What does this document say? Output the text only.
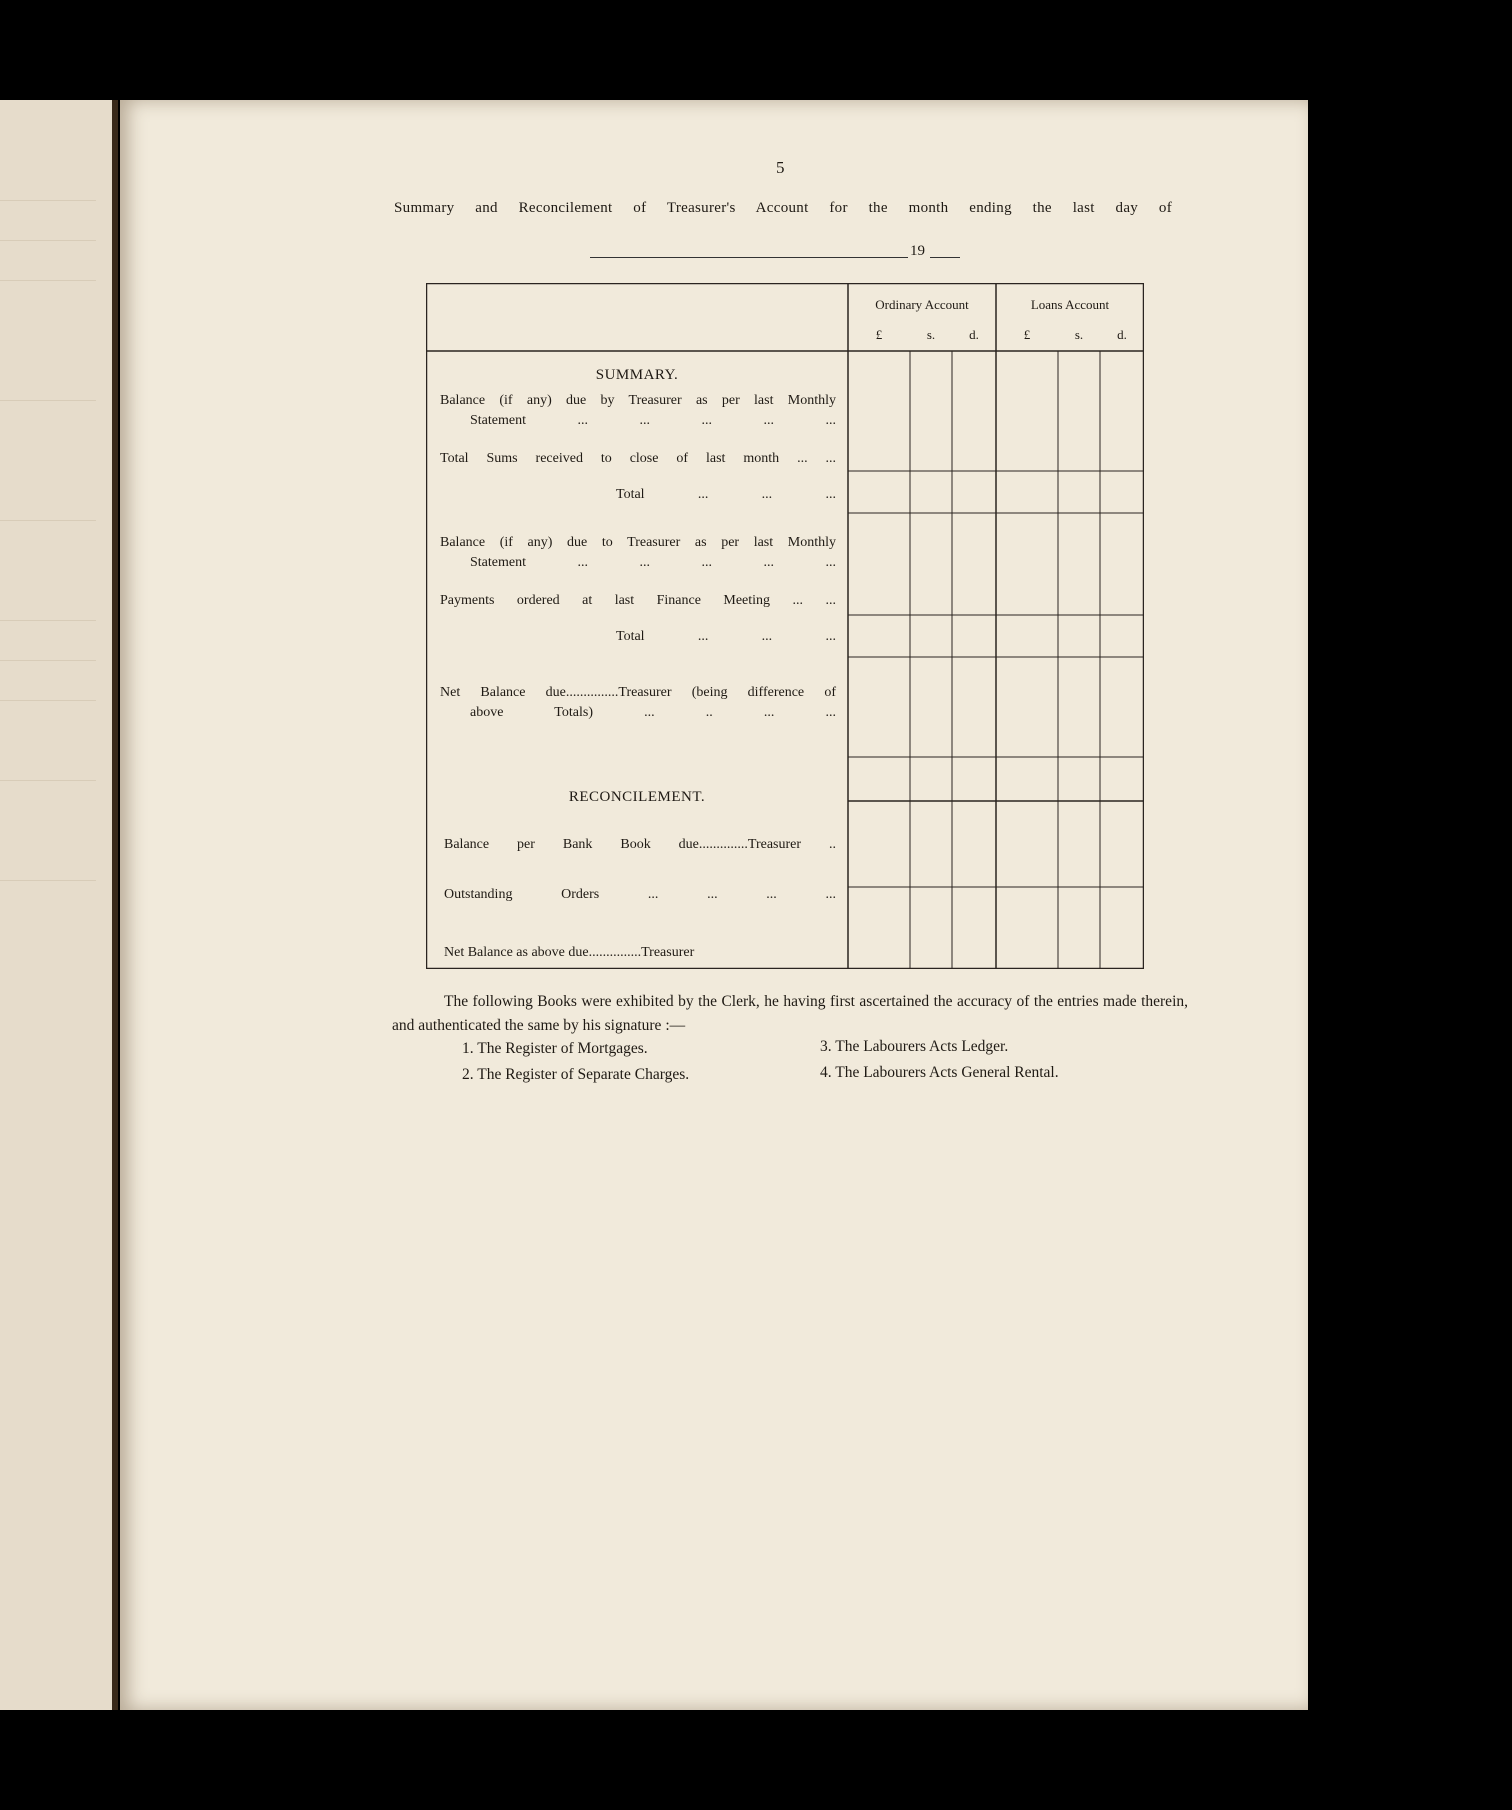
5
Summary and Reconcilement of Treasurer's Account for the month ending the last day of
19
Ordinary Account	Loans Account
£	s.	d.	£	s.	d.
SUMMARY.
Balance (if any) due by Treasurer as per last Monthly
Statement ... ... ... ... ...
Total Sums received to close of last month ... ...
Total ... ... ...
Balance (if any) due to Treasurer as per last Monthly
Statement ... ... ... ... ...
Payments ordered at last Finance Meeting ... ...
Total ... ... ...
Net Balance due...............Treasurer (being difference of
above Totals) ... .. ... ...
RECONCILEMENT.
Balance per Bank Book due..............Treasurer ..
Outstanding Orders ... ... ... ...
Net Balance as above due...............Treasurer
The following Books were exhibited by the Clerk, he having first ascertained the accuracy of the entries made therein, and authenticated the same by his signature :—
1. The Register of Mortgages.
2. The Register of Separate Charges.
3. The Labourers Acts Ledger.
4. The Labourers Acts General Rental.
